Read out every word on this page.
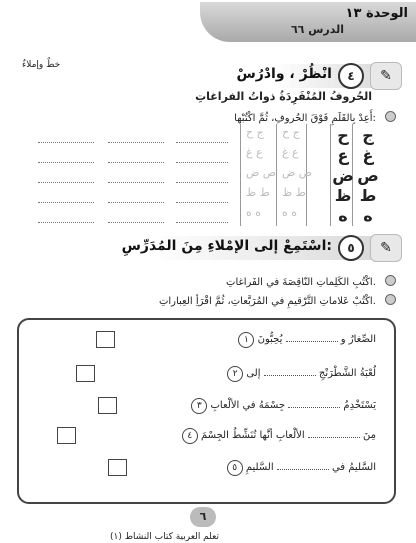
الوحدة ١٣
الدرس ٦٦
خطٌ وإملاءٌ
✎
٤
انْظُرْ ، وادْرُسْ
الحُروفُ المُنْفَرِدَةُ ذواتُ الفراغاتِ
أَعِدْ بِالقَلَمِ فَوْقَ الحُروفِ، ثُمَّ اكْتُبْها:
ج
ح
ج ح
ج ح
غ
ع
ع غ
ع غ
ص
ض
ص ض
ص ض
ط
ظ
ط ظ
ط ظ
ه
ه
ه ه
ه ه
✎
٥
اسْتَمِعْ إلى الإمْلاءِ مِنَ المُدَرِّسِ:
اكْتُبِ الكَلِماتِ النّاقِصَةَ في الفَراغاتِ.
اكْتُبْ عَلاماتِ التَّرْقيمِ في المُرَبَّعاتِ، ثُمَّ اقْرَأِ العِباراتِ.
١ الصِّغارُ و  يُحِبُّونَ
٢ لُعْبَةُ الشَّطْرَنْجِ  إلى
٣ يَسْتَخْدِمُ  جِسْمَهُ في الألْعابِ
٤ مِنَ  الألْعابِ أنَّها تُنَشِّطُ الجِسْمَ
٥ السَّليمُ في  السَّليمِ
تعلم العربية كتاب النشاط (١)
٦
